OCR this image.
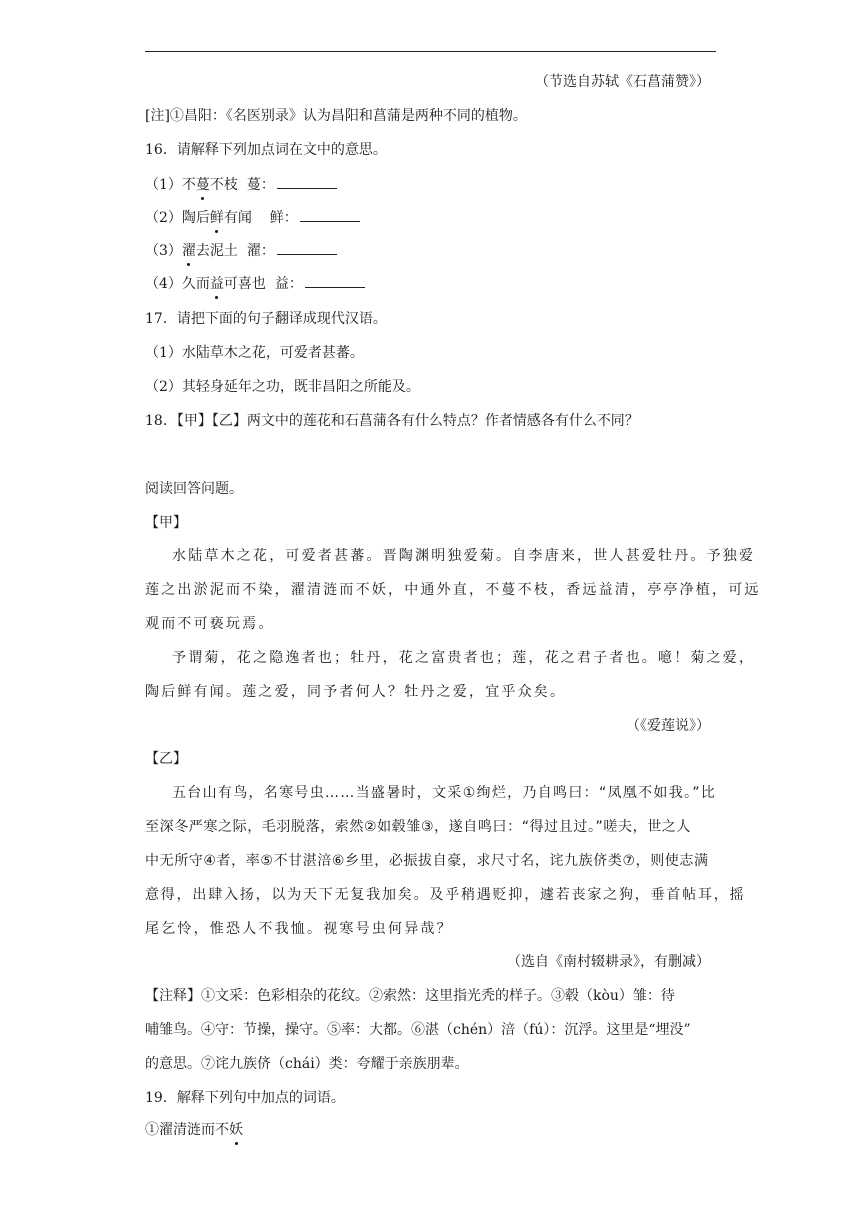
（节选自苏轼《石菖蒲赞》）
[注]①昌阳：《名医别录》认为昌阳和菖蒲是两种不同的植物。
16．请解释下列加点词在文中的意思。
（1）不蔓不枝  蔓：
（2）陶后鲜有闻    鲜：
（3）濯去泥土  濯：
（4）久而益可喜也  益：
17．请把下面的句子翻译成现代汉语。
（1）水陆草木之花，可爱者甚蕃。
（2）其轻身延年之功，既非昌阳之所能及。
18．【甲】【乙】两文中的莲花和石菖蒲各有什么特点？作者情感各有什么不同？
阅读回答问题。
【甲】
水陆草木之花，可爱者甚蕃。晋陶渊明独爱菊。自李唐来，世人甚爱牡丹。予独爱
莲之出淤泥而不染，濯清涟而不妖，中通外直，不蔓不枝，香远益清，亭亭净植，可远
观而不可亵玩焉。
予谓菊，花之隐逸者也；牡丹，花之富贵者也；莲，花之君子者也。噫！菊之爱，
陶后鲜有闻。莲之爱，同予者何人？牡丹之爱，宜乎众矣。
（《爱莲说》）
【乙】
五台山有鸟，名寒号虫……当盛暑时，文采①绚烂，乃自鸣曰：“凤凰不如我。”比
至深冬严寒之际，毛羽脱落，索然②如毂雏③，遂自鸣曰：“得过且过。”嗟夫，世之人
中无所守④者，率⑤不甘湛涪⑥乡里，必振拔自豪，求尺寸名，诧九族侪类⑦，则使志满
意得，出肆入扬，以为天下无复我加矣。及乎稍遇贬抑，遽若丧家之狗，垂首帖耳，摇
尾乞怜，惟恐人不我恤。视寒号虫何异哉？
（选自《南村辍耕录》，有删减）
【注释】①文采：色彩相杂的花纹。②索然：这里指光秃的样子。③毂（kòu）雏：待
哺雏鸟。④守：节操，操守。⑤率：大都。⑥湛（chén）涪（fú）：沉浮。这里是“埋没”
的意思。⑦诧九族侪（chái）类：夸耀于亲族朋辈。
19．解释下列句中加点的词语。
①濯清涟而不妖
